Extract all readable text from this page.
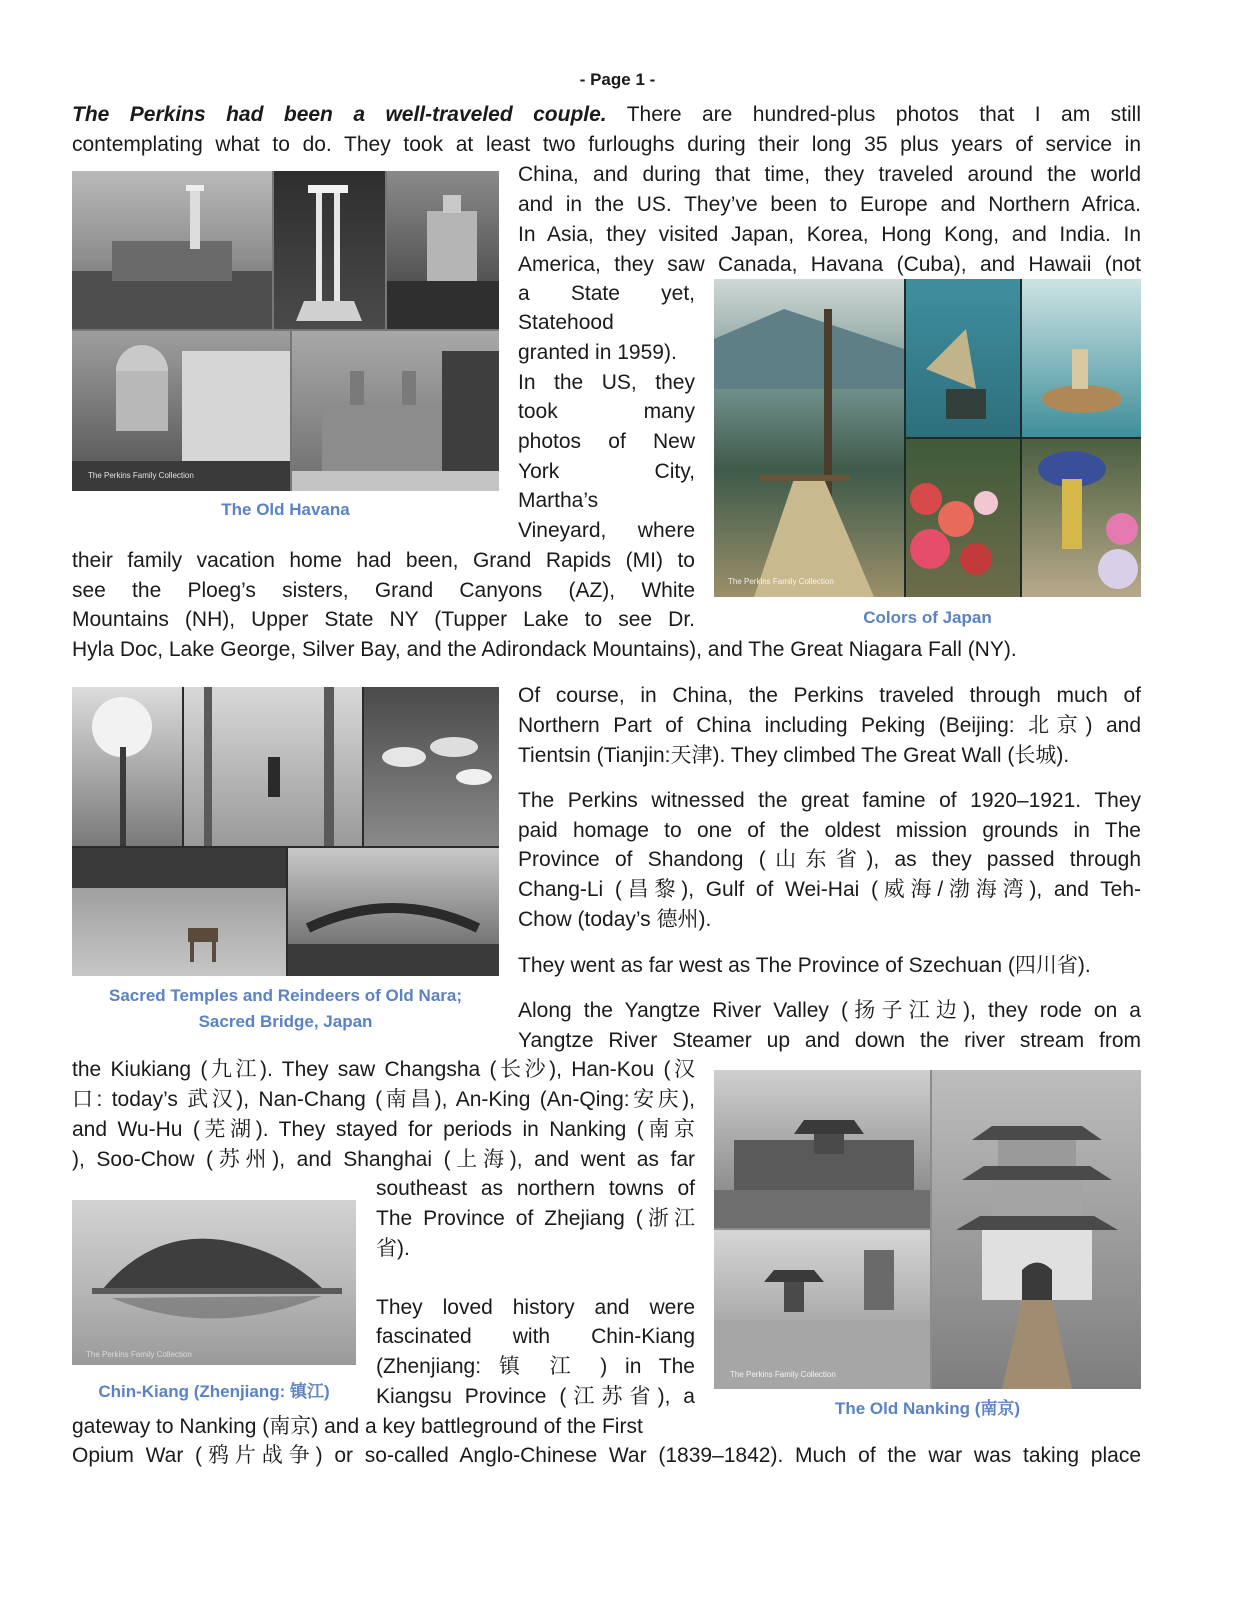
- Page 1 -
The Perkins had been a well-traveled couple. There are hundred-plus photos that I am still
contemplating what to do. They took at least two furloughs during their long 35 plus years of service in
China, and during that time, they traveled around the world
and in the US. They’ve been to Europe and Northern Africa.
In Asia, they visited Japan, Korea, Hong Kong, and India. In
America, they saw Canada, Havana (Cuba), and Hawaii (not
a State yet,
Statehood
granted in 1959).
In the US, they
took many
photos of New
York City,
Martha’s
Vineyard, where
their family vacation home had been, Grand Rapids (MI) to
see the Ploeg’s sisters, Grand Canyons (AZ), White
Mountains (NH), Upper State NY (Tupper Lake to see Dr.
Hyla Doc, Lake George, Silver Bay, and the Adirondack Mountains), and The Great Niagara Fall (NY).
Of course, in China, the Perkins traveled through much of
Northern Part of China including Peking (Beijing: 北京) and
Tientsin (Tianjin:天津). They climbed The Great Wall (长城).
The Perkins witnessed the great famine of 1920–1921. They
paid homage to one of the oldest mission grounds in The
Province of Shandong (山东省), as they passed through
Chang-Li (昌黎), Gulf of Wei-Hai (威海/渤海湾), and Teh-
Chow (today’s 德州).
They went as far west as The Province of Szechuan (四川省).
Along the Yangtze River Valley (扬子江边), they rode on a
Yangtze River Steamer up and down the river stream from
the Kiukiang (九江). They saw Changsha (长沙), Han-Kou (汉
口: today’s 武汉), Nan-Chang (南昌), An-King (An-Qing:安庆),
and Wu-Hu (芜湖). They stayed for periods in Nanking (南京
), Soo-Chow (苏州), and Shanghai (上海), and went as far
southeast as northern towns of
The Province of Zhejiang (浙江
省).
They loved history and were
fascinated with Chin-Kiang
(Zhenjiang: 镇 江 ) in The
Kiangsu Province (江苏省), a
gateway to Nanking (南京) and a key battleground of the First
Opium War (鸦片战争) or so-called Anglo-Chinese War (1839–1842). Much of the war was taking place
The Perkins Family Collection
The Old Havana
The Perkins Family Collection
Colors of Japan
Sacred Temples and Reindeers of Old Nara;
Sacred Bridge, Japan
The Perkins Family Collection
Chin-Kiang (Zhenjiang: 镇江)
The Perkins Family Collection
The Old Nanking (南京)
